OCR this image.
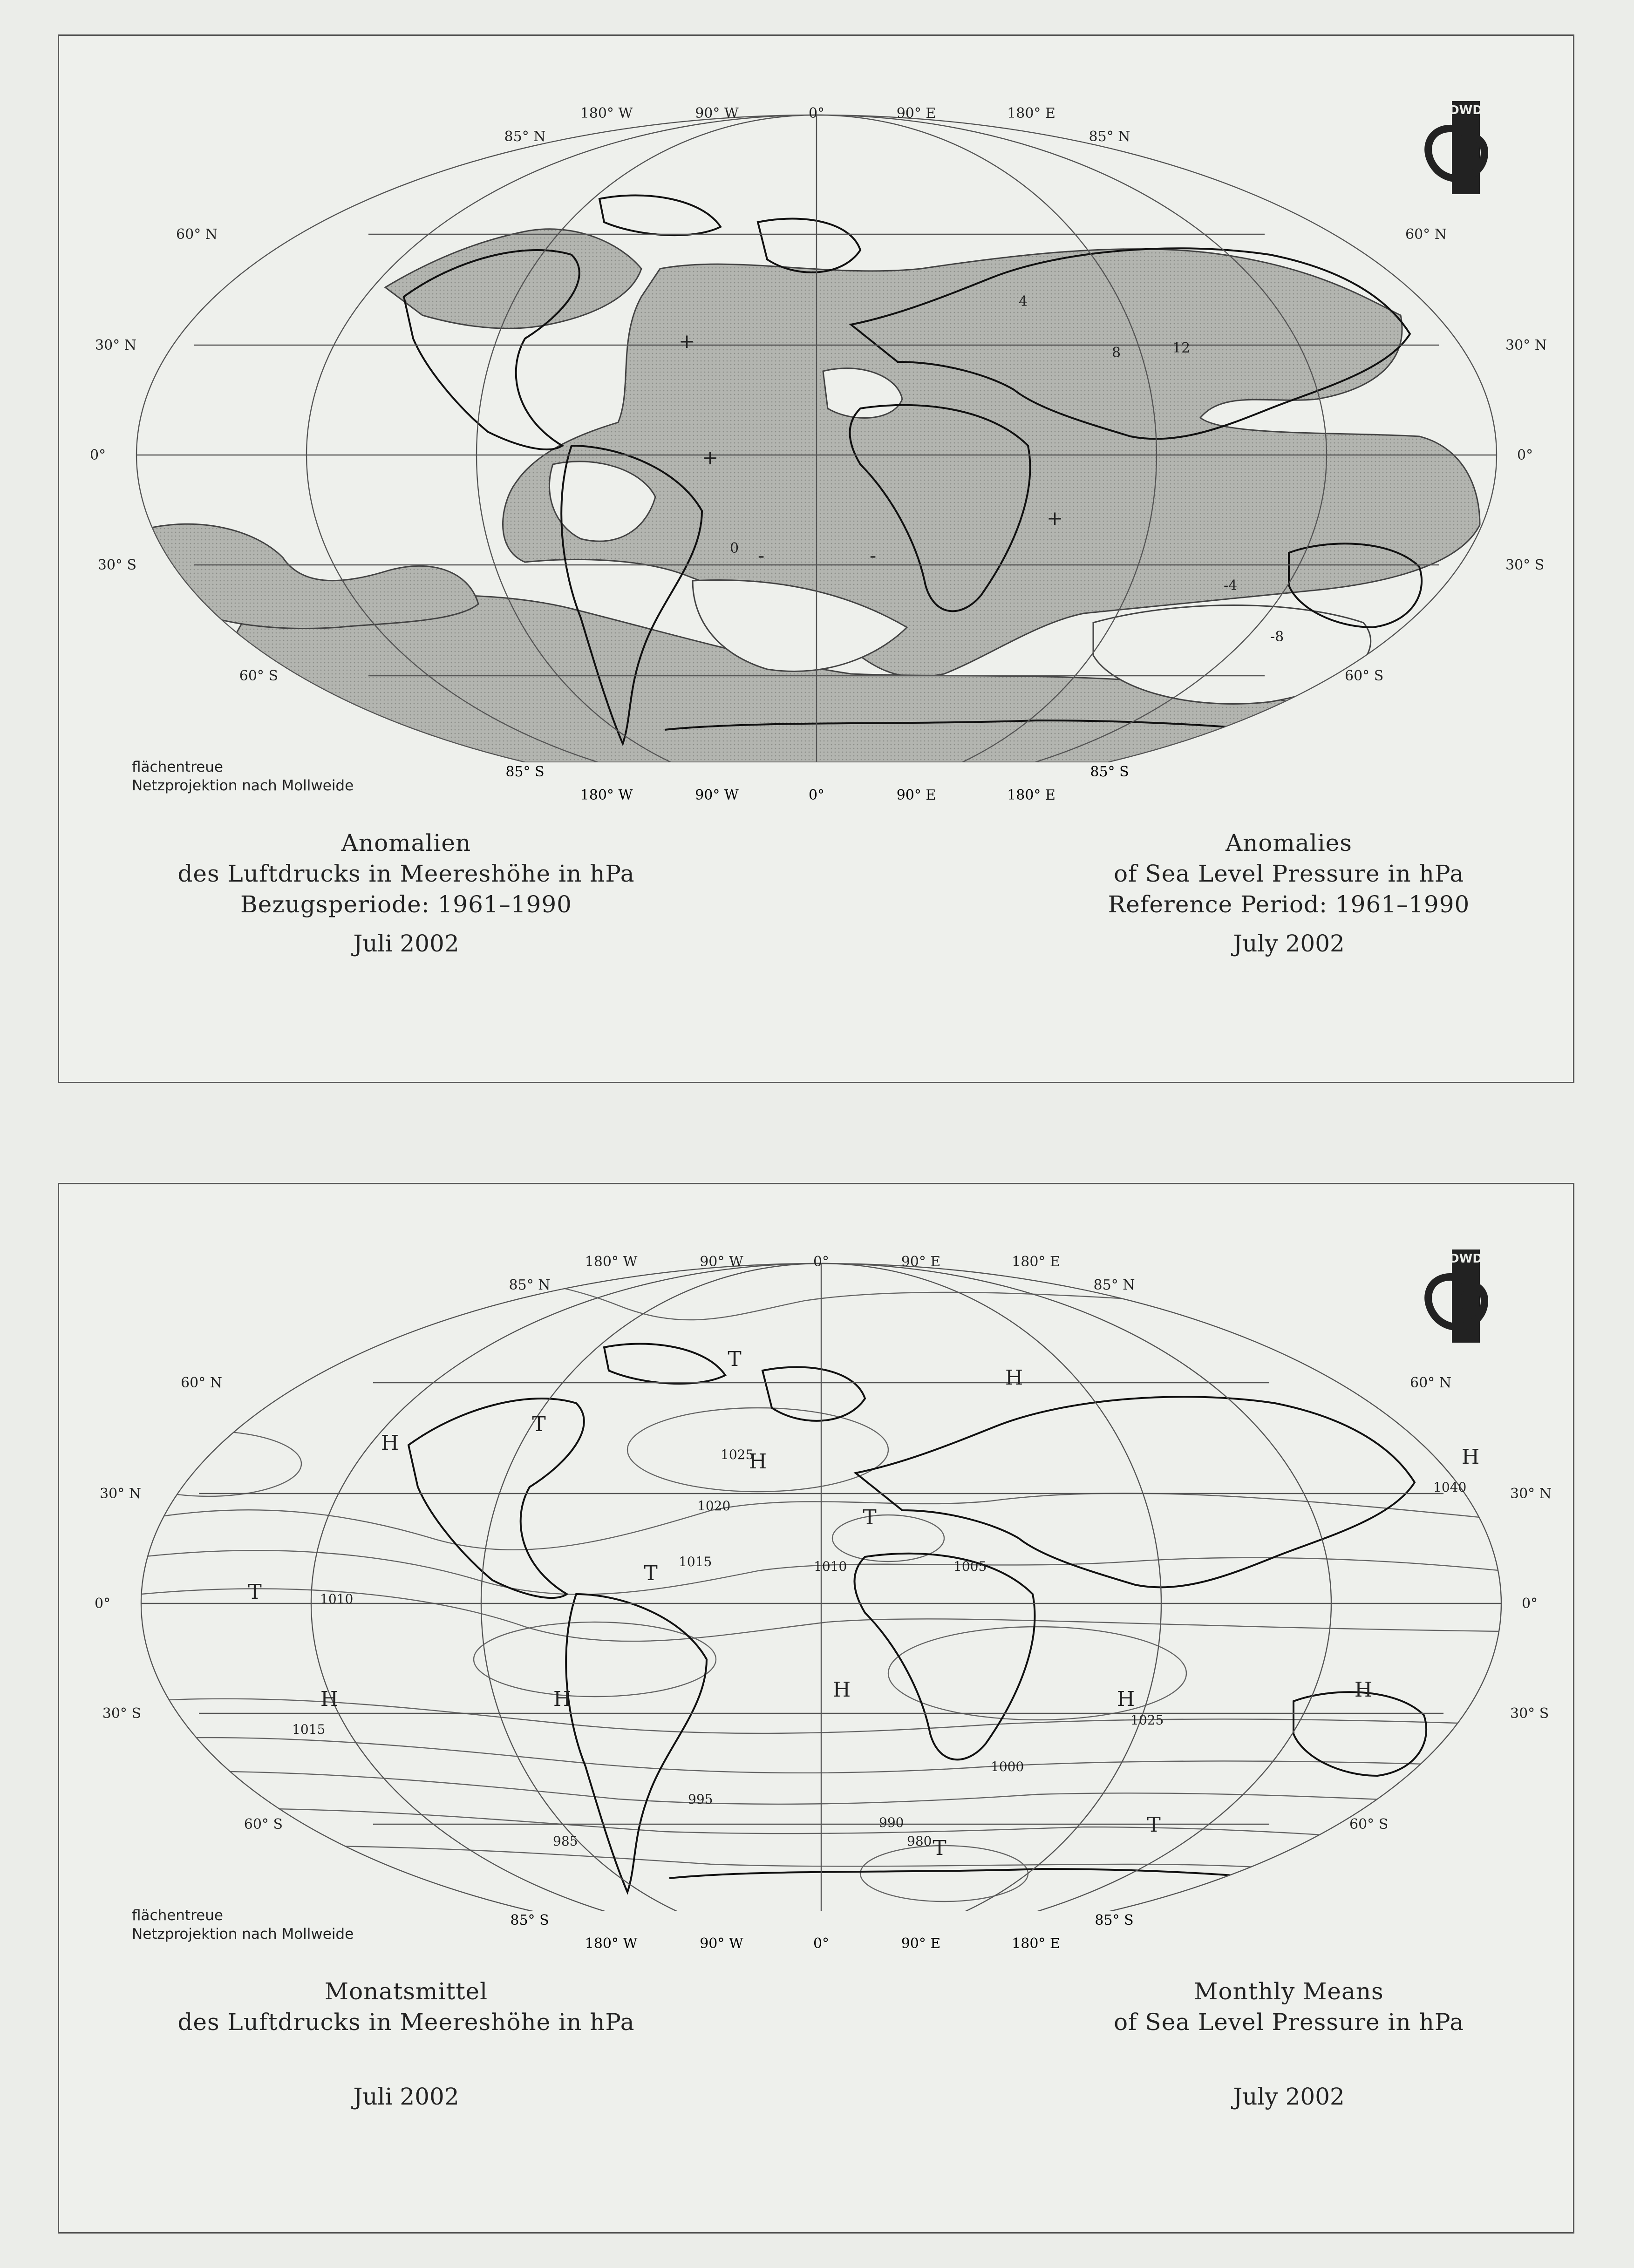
0
4
-4
8
-8
12
+
+
+
-
-
180° W	90° W	0°	90° E	180° E
85° N	85° N
60° N	60° N
30° N	30° N
0°	0°
30° S	30° S
60° S	60° S
flächentreue
Netzprojektion nach Mollweide
85° S	85° S
180° W	90° W	0°	90° E	180° E
DWD
Anomalien
des Luftdrucks in Meereshöhe in hPa
Bezugsperiode: 1961–1990
Anomalies
of Sea Level Pressure in hPa
Reference Period: 1961–1990
Juli 2002	July 2002
1005
1010
1015
1020
1025
1000
995
990
985	980
1040
1015
1010
1025
H
H
H	H
H
H
H
H
H
T
T
T
T
T
T
T
180° W	90° W	0°	90° E	180° E
85° N	85° N
60° N	60° N
30° N	30° N
0°	0°
30° S	30° S
60° S	60° S
flächentreue
Netzprojektion nach Mollweide
85° S	85° S
180° W	90° W	0°	90° E	180° E
DWD
Monatsmittel
des Luftdrucks in Meereshöhe in hPa
Monthly Means
of Sea Level Pressure in hPa
Juli 2002	July 2002
